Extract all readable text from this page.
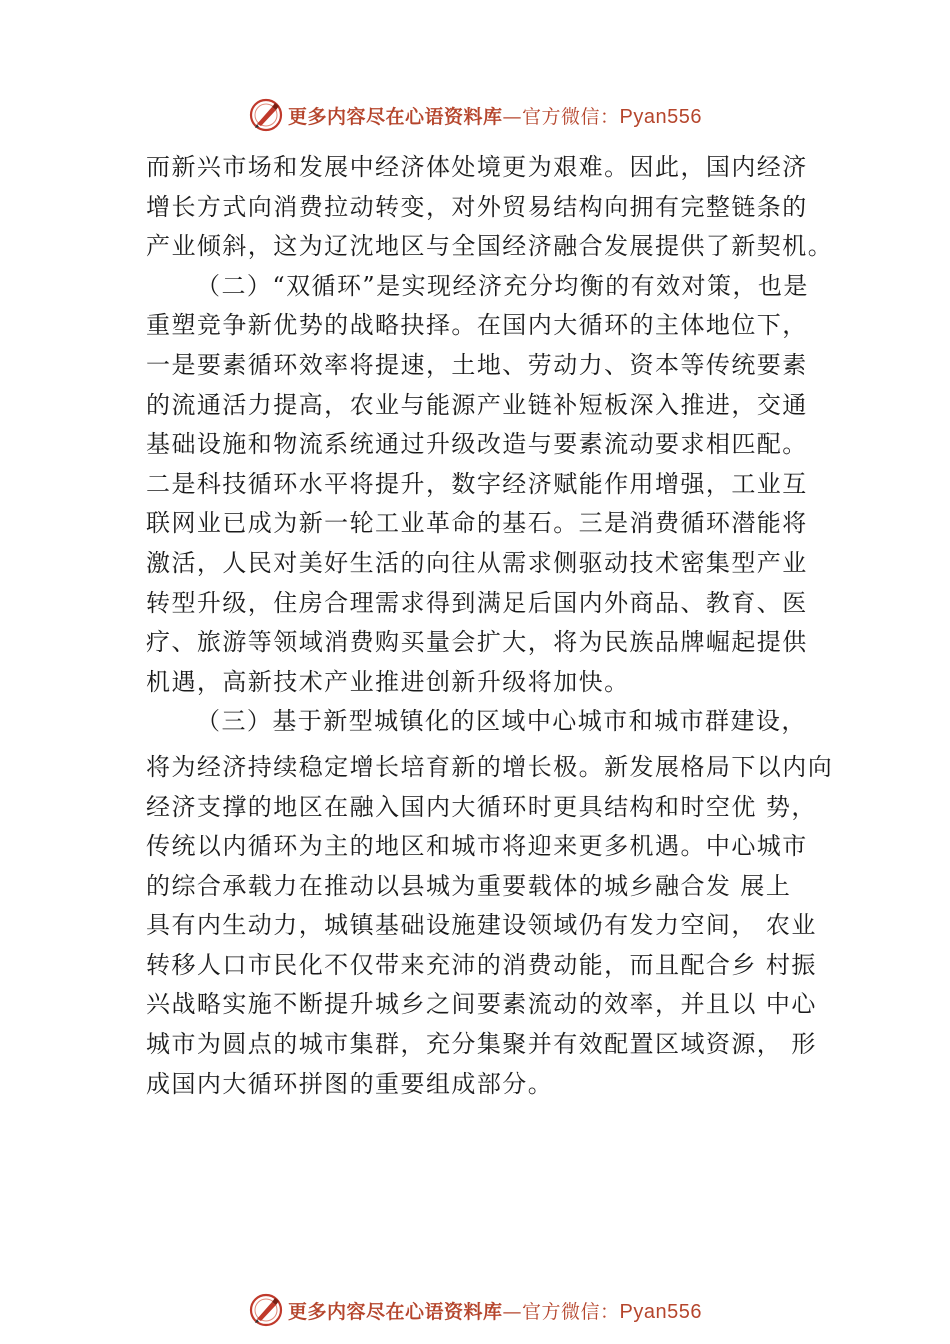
更多内容尽在心语资料库—官方微信：Pyan556
而新兴市场和发展中经济体处境更为艰难。因此，国内经济
增长方式向消费拉动转变，对外贸易结构向拥有完整链条的
产业倾斜，这为辽沈地区与全国经济融合发展提供了新契机。
（二）“双循环”是实现经济充分均衡的有效对策，也是
重塑竞争新优势的战略抉择。在国内大循环的主体地位下，
一是要素循环效率将提速，土地、劳动力、资本等传统要素
的流通活力提高，农业与能源产业链补短板深入推进，交通
基础设施和物流系统通过升级改造与要素流动要求相匹配。
二是科技循环水平将提升，数字经济赋能作用增强，工业互
联网业已成为新一轮工业革命的基石。三是消费循环潜能将
激活，人民对美好生活的向往从需求侧驱动技术密集型产业
转型升级，住房合理需求得到满足后国内外商品、教育、医
疗、旅游等领域消费购买量会扩大，将为民族品牌崛起提供
机遇，高新技术产业推进创新升级将加快。
（三）基于新型城镇化的区域中心城市和城市群建设，
将为经济持续稳定增长培育新的增长极。新发展格局下以内向
经济支撑的地区在融入国内大循环时更具结构和时空优 势，
传统以内循环为主的地区和城市将迎来更多机遇。中心城市
的综合承载力在推动以县城为重要载体的城乡融合发 展上
具有内生动力，城镇基础设施建设领域仍有发力空间， 农业
转移人口市民化不仅带来充沛的消费动能，而且配合乡 村振
兴战略实施不断提升城乡之间要素流动的效率，并且以 中心
城市为圆点的城市集群，充分集聚并有效配置区域资源， 形
成国内大循环拼图的重要组成部分。
更多内容尽在心语资料库—官方微信：Pyan556
